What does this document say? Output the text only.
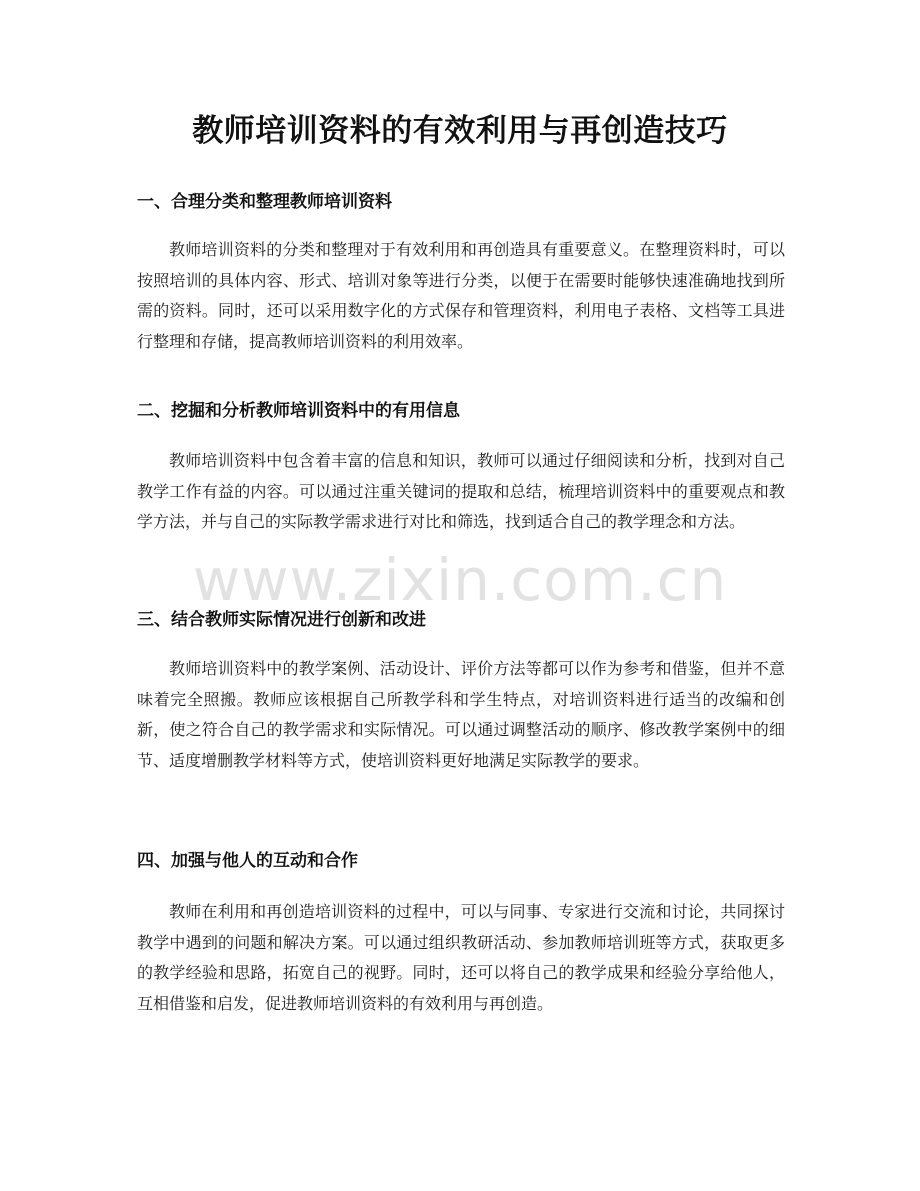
教师培训资料的有效利用与再创造技巧
一、合理分类和整理教师培训资料
教师培训资料的分类和整理对于有效利用和再创造具有重要意义。在整理资料时，可以按照培训的具体内容、形式、培训对象等进行分类，以便于在需要时能够快速准确地找到所需的资料。同时，还可以采用数字化的方式保存和管理资料，利用电子表格、文档等工具进行整理和存储，提高教师培训资料的利用效率。
二、挖掘和分析教师培训资料中的有用信息
教师培训资料中包含着丰富的信息和知识，教师可以通过仔细阅读和分析，找到对自己教学工作有益的内容。可以通过注重关键词的提取和总结，梳理培训资料中的重要观点和教学方法，并与自己的实际教学需求进行对比和筛选，找到适合自己的教学理念和方法。
三、结合教师实际情况进行创新和改进
教师培训资料中的教学案例、活动设计、评价方法等都可以作为参考和借鉴，但并不意味着完全照搬。教师应该根据自己所教学科和学生特点，对培训资料进行适当的改编和创新，使之符合自己的教学需求和实际情况。可以通过调整活动的顺序、修改教学案例中的细节、适度增删教学材料等方式，使培训资料更好地满足实际教学的要求。
四、加强与他人的互动和合作
教师在利用和再创造培训资料的过程中，可以与同事、专家进行交流和讨论，共同探讨教学中遇到的问题和解决方案。可以通过组织教研活动、参加教师培训班等方式，获取更多的教学经验和思路，拓宽自己的视野。同时，还可以将自己的教学成果和经验分享给他人，互相借鉴和启发，促进教师培训资料的有效利用与再创造。
www.zixin.com.cn
